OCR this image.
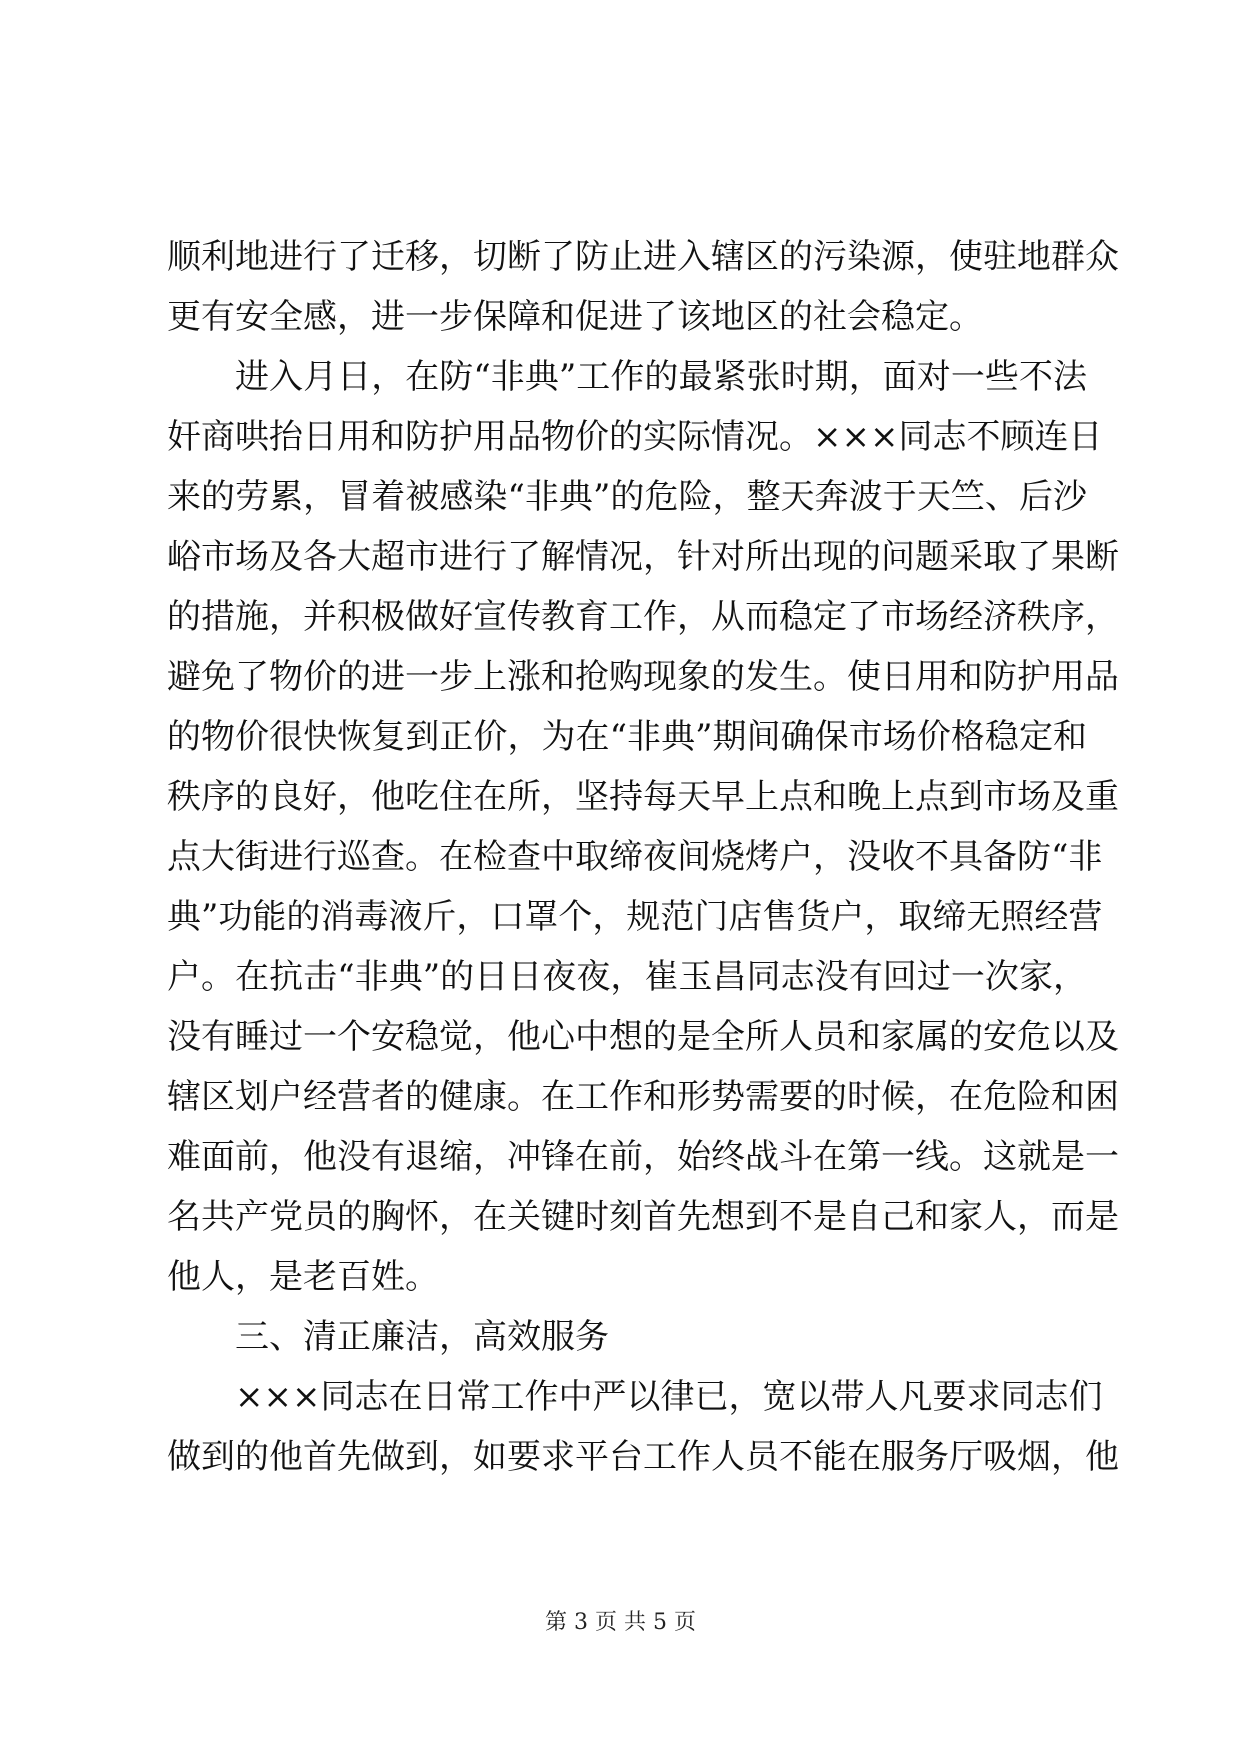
顺利地进行了迁移，切断了防止进入辖区的污染源，使驻地群众
更有安全感，进一步保障和促进了该地区的社会稳定。
进入月日，在防“非典”工作的最紧张时期，面对一些不法
奸商哄抬日用和防护用品物价的实际情况。×××同志不顾连日
来的劳累，冒着被感染“非典”的危险，整天奔波于天竺、后沙
峪市场及各大超市进行了解情况，针对所出现的问题采取了果断
的措施，并积极做好宣传教育工作，从而稳定了市场经济秩序，
避免了物价的进一步上涨和抢购现象的发生。使日用和防护用品
的物价很快恢复到正价，为在“非典”期间确保市场价格稳定和
秩序的良好，他吃住在所，坚持每天早上点和晚上点到市场及重
点大街进行巡查。在检查中取缔夜间烧烤户，没收不具备防“非
典”功能的消毒液斤，口罩个，规范门店售货户，取缔无照经营
户。在抗击“非典”的日日夜夜，崔玉昌同志没有回过一次家，
没有睡过一个安稳觉，他心中想的是全所人员和家属的安危以及
辖区划户经营者的健康。在工作和形势需要的时候，在危险和困
难面前，他没有退缩，冲锋在前，始终战斗在第一线。这就是一
名共产党员的胸怀，在关键时刻首先想到不是自己和家人，而是
他人，是老百姓。
三、清正廉洁，高效服务
×××同志在日常工作中严以律已，宽以带人凡要求同志们
做到的他首先做到，如要求平台工作人员不能在服务厅吸烟，他
第 3 页 共 5 页
